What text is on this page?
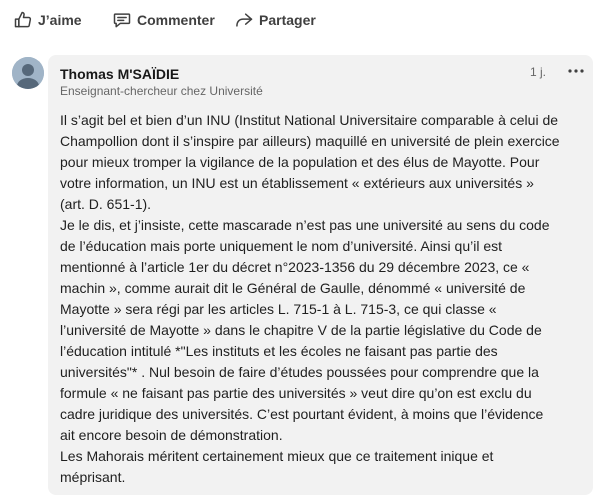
J’aime	Commenter	Partager
Thomas M'SAÏDIE
Enseignant-chercheur chez Université
1 j.

Il s’agit bel et bien d’un INU (Institut National Universitaire comparable à celui de

Champollion dont il s’inspire par ailleurs) maquillé en université de plein exercice

pour mieux tromper la vigilance de la population et des élus de Mayotte. Pour

votre information, un INU est un établissement « extérieurs aux universités »

(art. D. 651-1).

Je le dis, et j’insiste, cette mascarade n’est pas une université au sens du code

de l’éducation mais porte uniquement le nom d’université. Ainsi qu’il est

mentionné à l’article 1er du décret n°2023-1356 du 29 décembre 2023, ce «

machin », comme aurait dit le Général de Gaulle, dénommé « université de

Mayotte » sera régi par les articles L. 715-1 à L. 715-3, ce qui classe «

l’université de Mayotte » dans le chapitre V de la partie législative du Code de

l’éducation intitulé *"Les instituts et les écoles ne faisant pas partie des

universités"* . Nul besoin de faire d’études poussées pour comprendre que la

formule « ne faisant pas partie des universités » veut dire qu’on est exclu du

cadre juridique des universités. C’est pourtant évident, à moins que l’évidence

ait encore besoin de démonstration.

Les Mahorais méritent certainement mieux que ce traitement inique et

méprisant.
